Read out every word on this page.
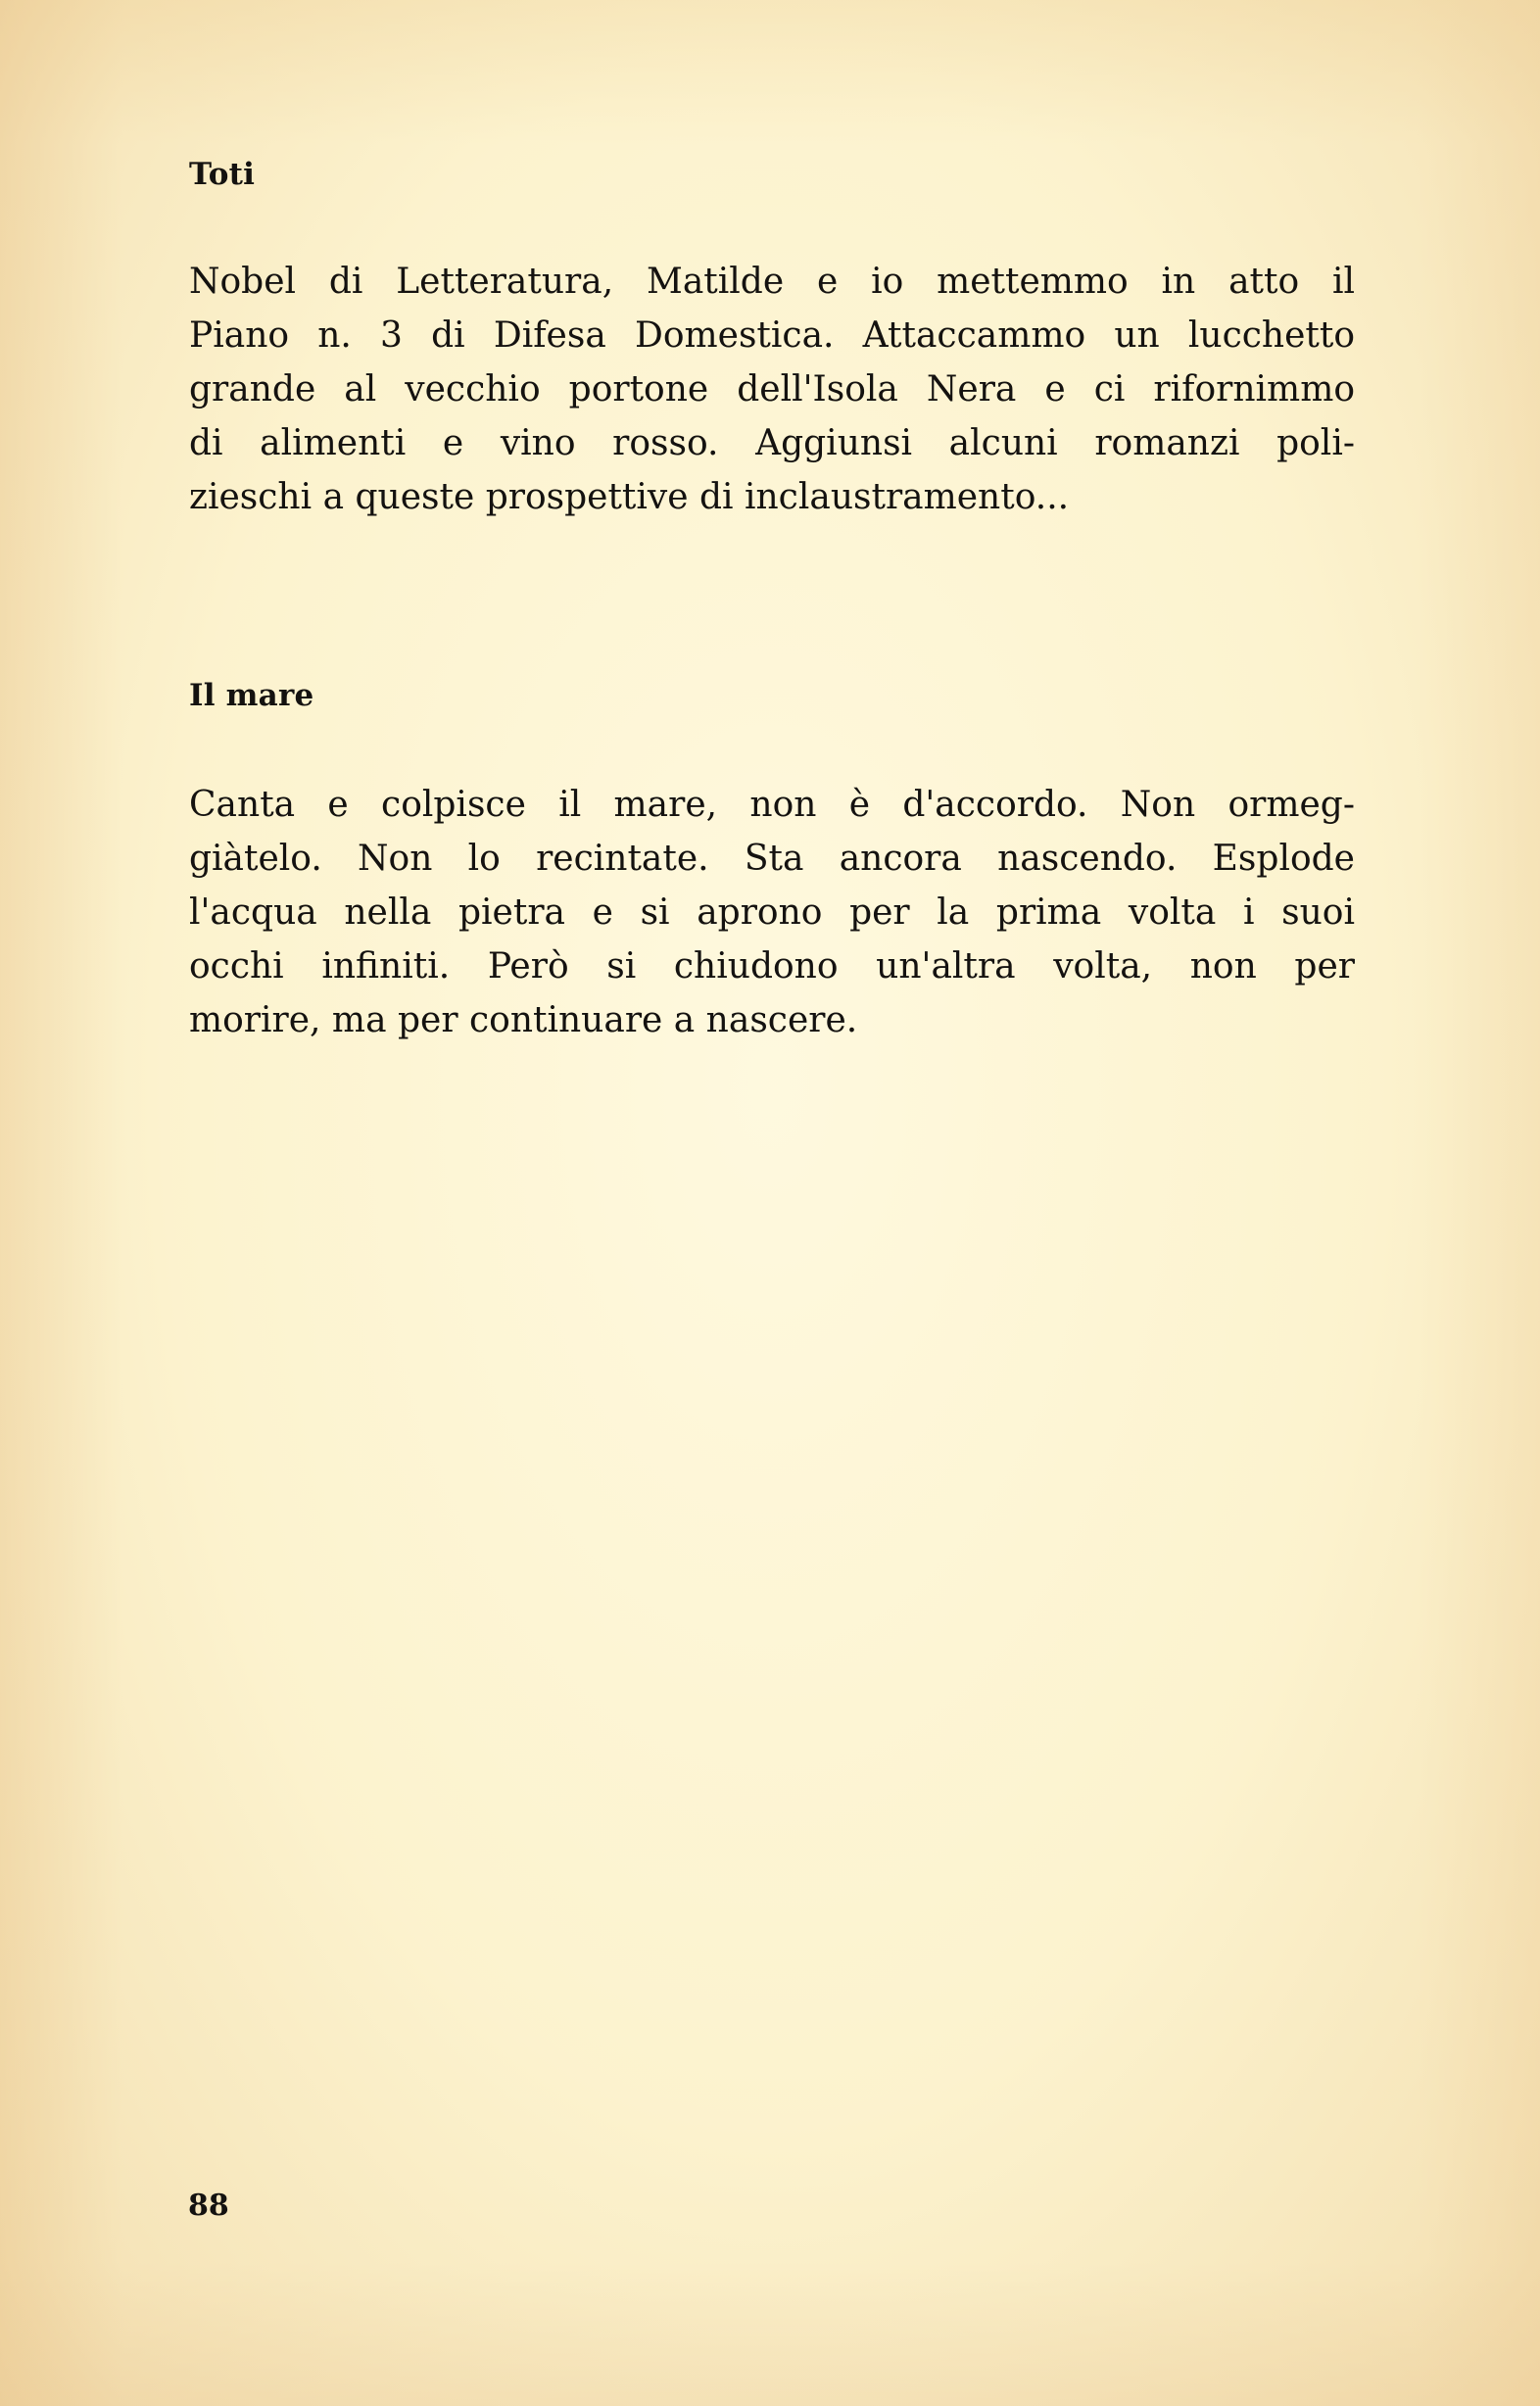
Toti
Nobel di Letteratura, Matilde e io mettemmo in atto il
Piano n. 3 di Difesa Domestica. Attaccammo un lucchetto
grande al vecchio portone dell'Isola Nera e ci rifornimmo
di alimenti e vino rosso. Aggiunsi alcuni romanzi poli-
zieschi a queste prospettive di inclaustramento...
Il mare
Canta e colpisce il mare, non è d'accordo. Non ormeg-
giàtelo. Non lo recintate. Sta ancora nascendo. Esplode
l'acqua nella pietra e si aprono per la prima volta i suoi
occhi infiniti. Però si chiudono un'altra volta, non per
morire, ma per continuare a nascere.
88
